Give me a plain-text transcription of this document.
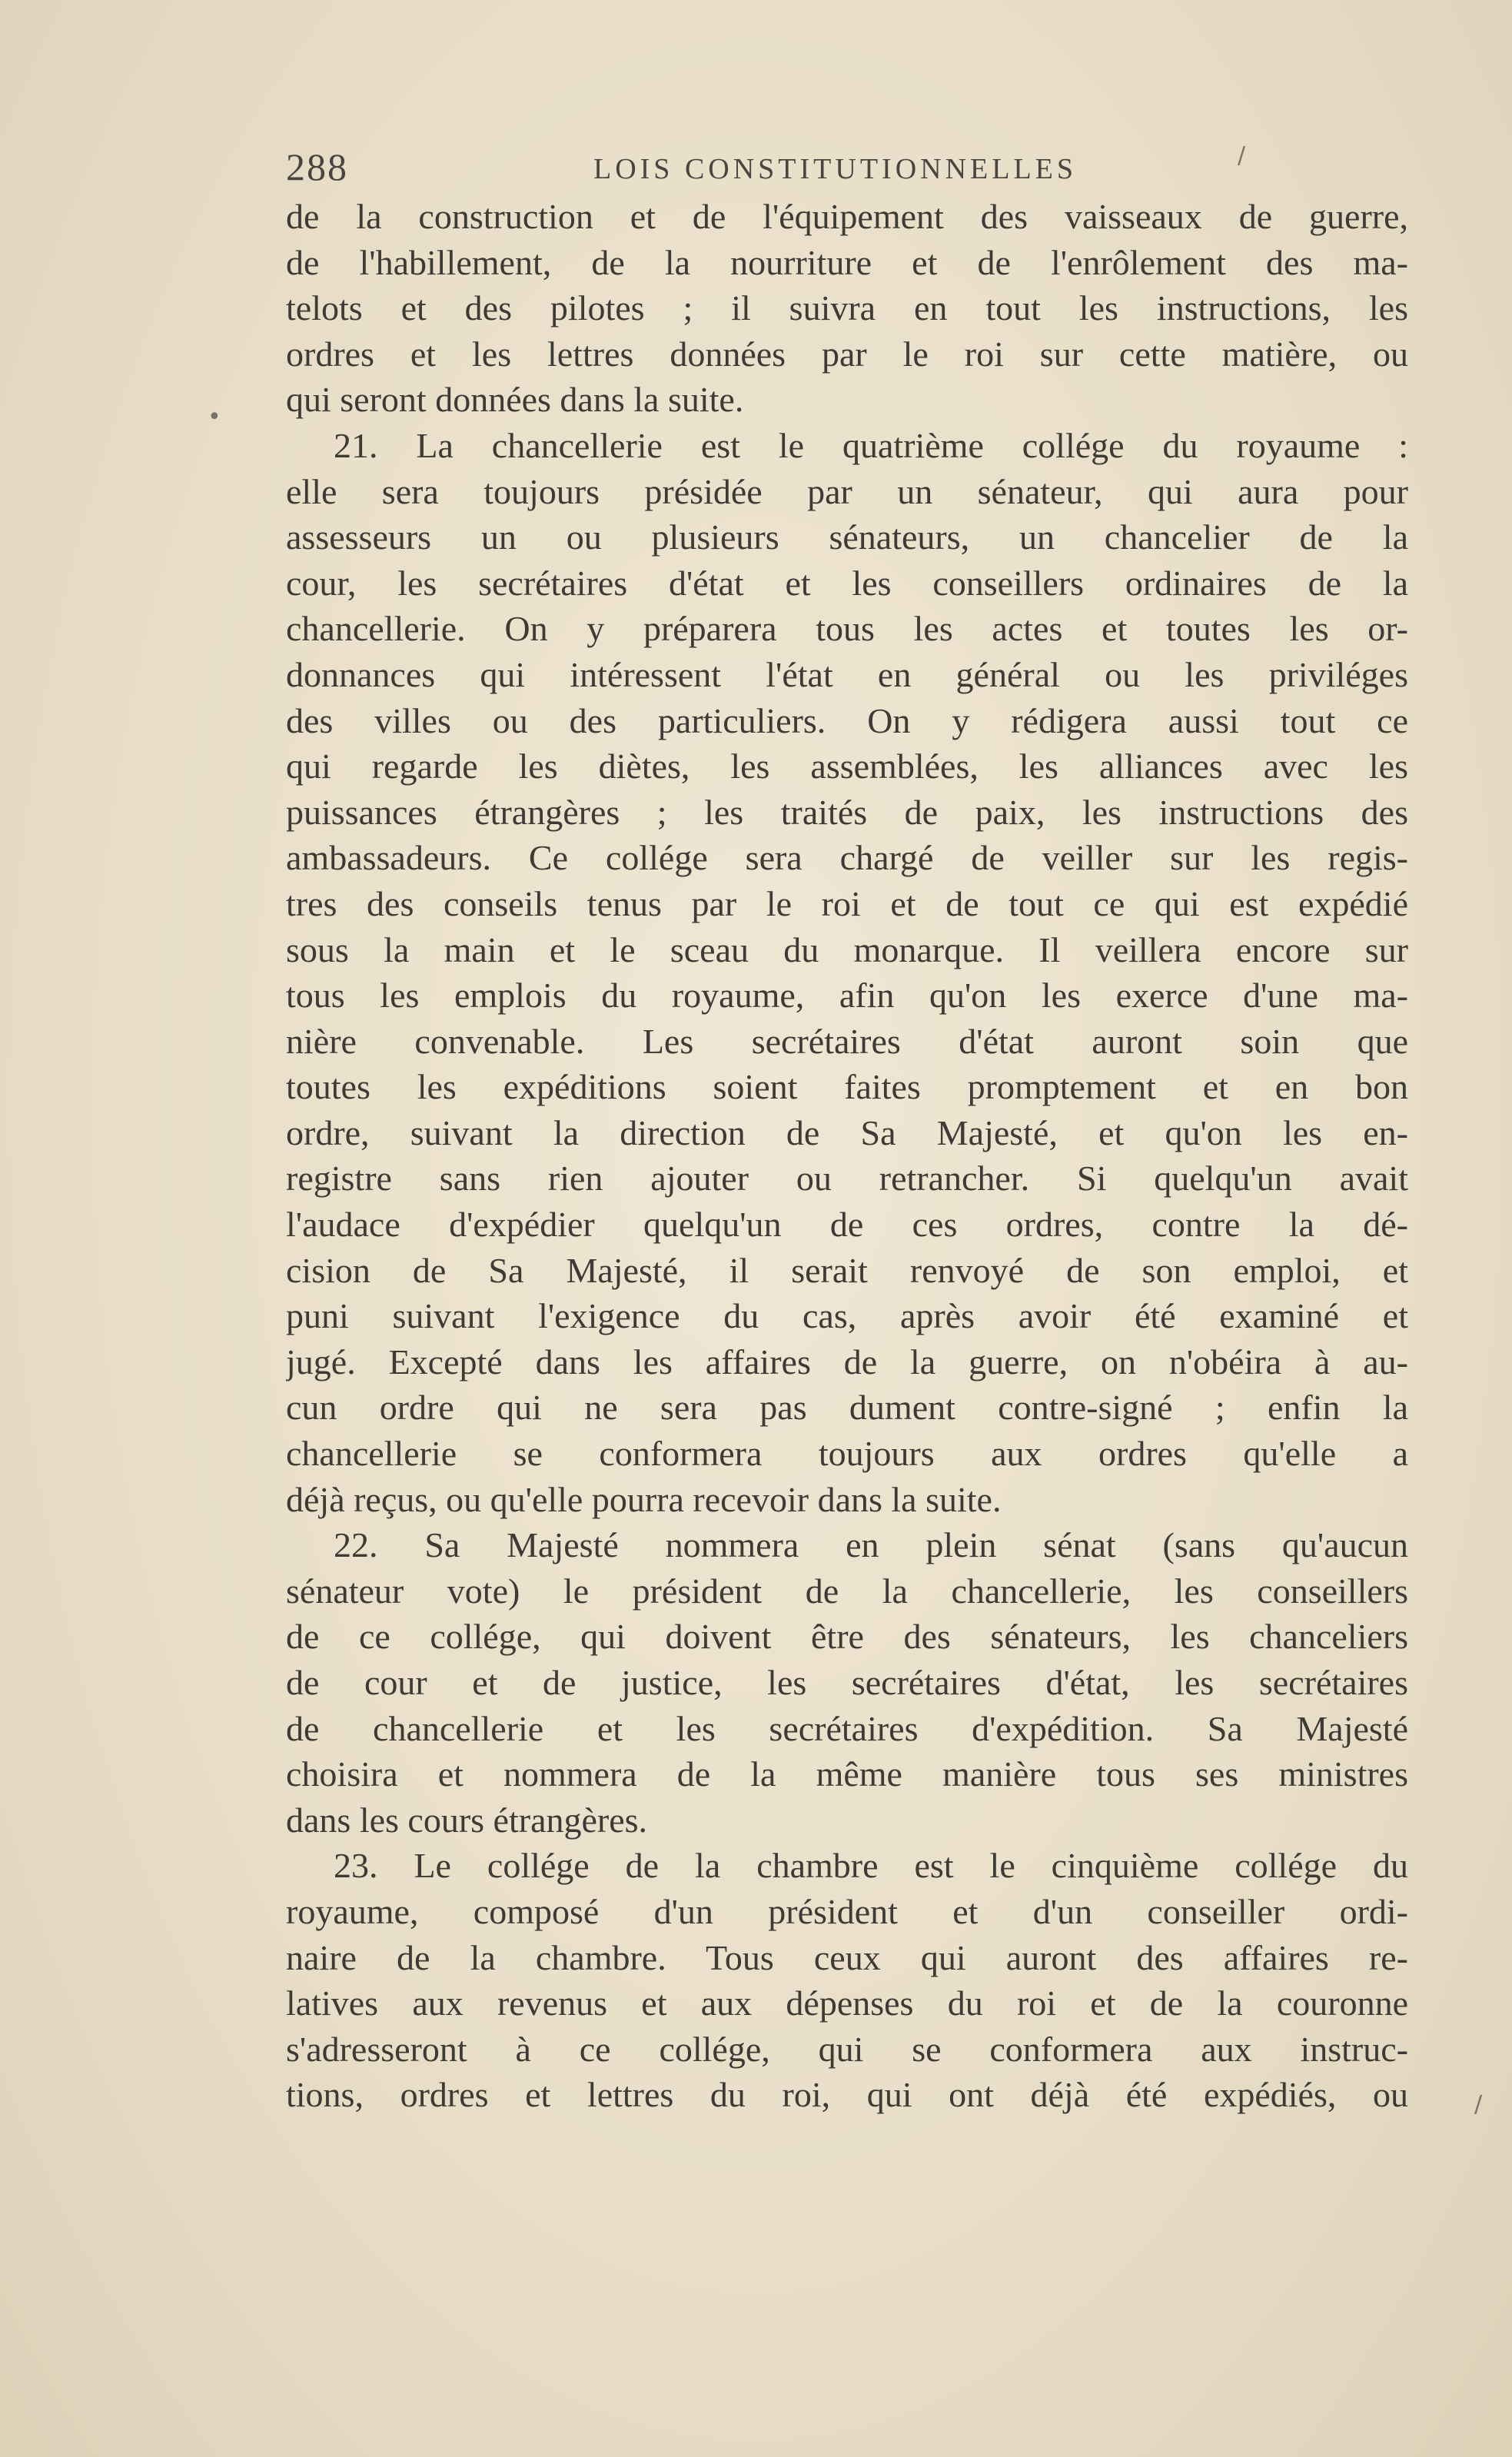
/
•
/
288	LOIS CONSTITUTIONNELLES
de la construction et de l'équipement des vaisseaux de guerre,
de l'habillement, de la nourriture et de l'enrôlement des ma-
telots et des pilotes ; il suivra en tout les instructions, les
ordres et les lettres données par le roi sur cette matière, ou
qui seront données dans la suite.
21. La chancellerie est le quatrième collége du royaume :
elle sera toujours présidée par un sénateur, qui aura pour
assesseurs un ou plusieurs sénateurs, un chancelier de la
cour, les secrétaires d'état et les conseillers ordinaires de la
chancellerie. On y préparera tous les actes et toutes les or-
donnances qui intéressent l'état en général ou les priviléges
des villes ou des particuliers. On y rédigera aussi tout ce
qui regarde les diètes, les assemblées, les alliances avec les
puissances étrangères ; les traités de paix, les instructions des
ambassadeurs. Ce collége sera chargé de veiller sur les regis-
tres des conseils tenus par le roi et de tout ce qui est expédié
sous la main et le sceau du monarque. Il veillera encore sur
tous les emplois du royaume, afin qu'on les exerce d'une ma-
nière convenable. Les secrétaires d'état auront soin que
toutes les expéditions soient faites promptement et en bon
ordre, suivant la direction de Sa Majesté, et qu'on les en-
registre sans rien ajouter ou retrancher. Si quelqu'un avait
l'audace d'expédier quelqu'un de ces ordres, contre la dé-
cision de Sa Majesté, il serait renvoyé de son emploi, et
puni suivant l'exigence du cas, après avoir été examiné et
jugé. Excepté dans les affaires de la guerre, on n'obéira à au-
cun ordre qui ne sera pas dument contre-signé ; enfin la
chancellerie se conformera toujours aux ordres qu'elle a
déjà reçus, ou qu'elle pourra recevoir dans la suite.
22. Sa Majesté nommera en plein sénat (sans qu'aucun
sénateur vote) le président de la chancellerie, les conseillers
de ce collége, qui doivent être des sénateurs, les chanceliers
de cour et de justice, les secrétaires d'état, les secrétaires
de chancellerie et les secrétaires d'expédition. Sa Majesté
choisira et nommera de la même manière tous ses ministres
dans les cours étrangères.
23. Le collége de la chambre est le cinquième collége du
royaume, composé d'un président et d'un conseiller ordi-
naire de la chambre. Tous ceux qui auront des affaires re-
latives aux revenus et aux dépenses du roi et de la couronne
s'adresseront à ce collége, qui se conformera aux instruc-
tions, ordres et lettres du roi, qui ont déjà été expédiés, ou
